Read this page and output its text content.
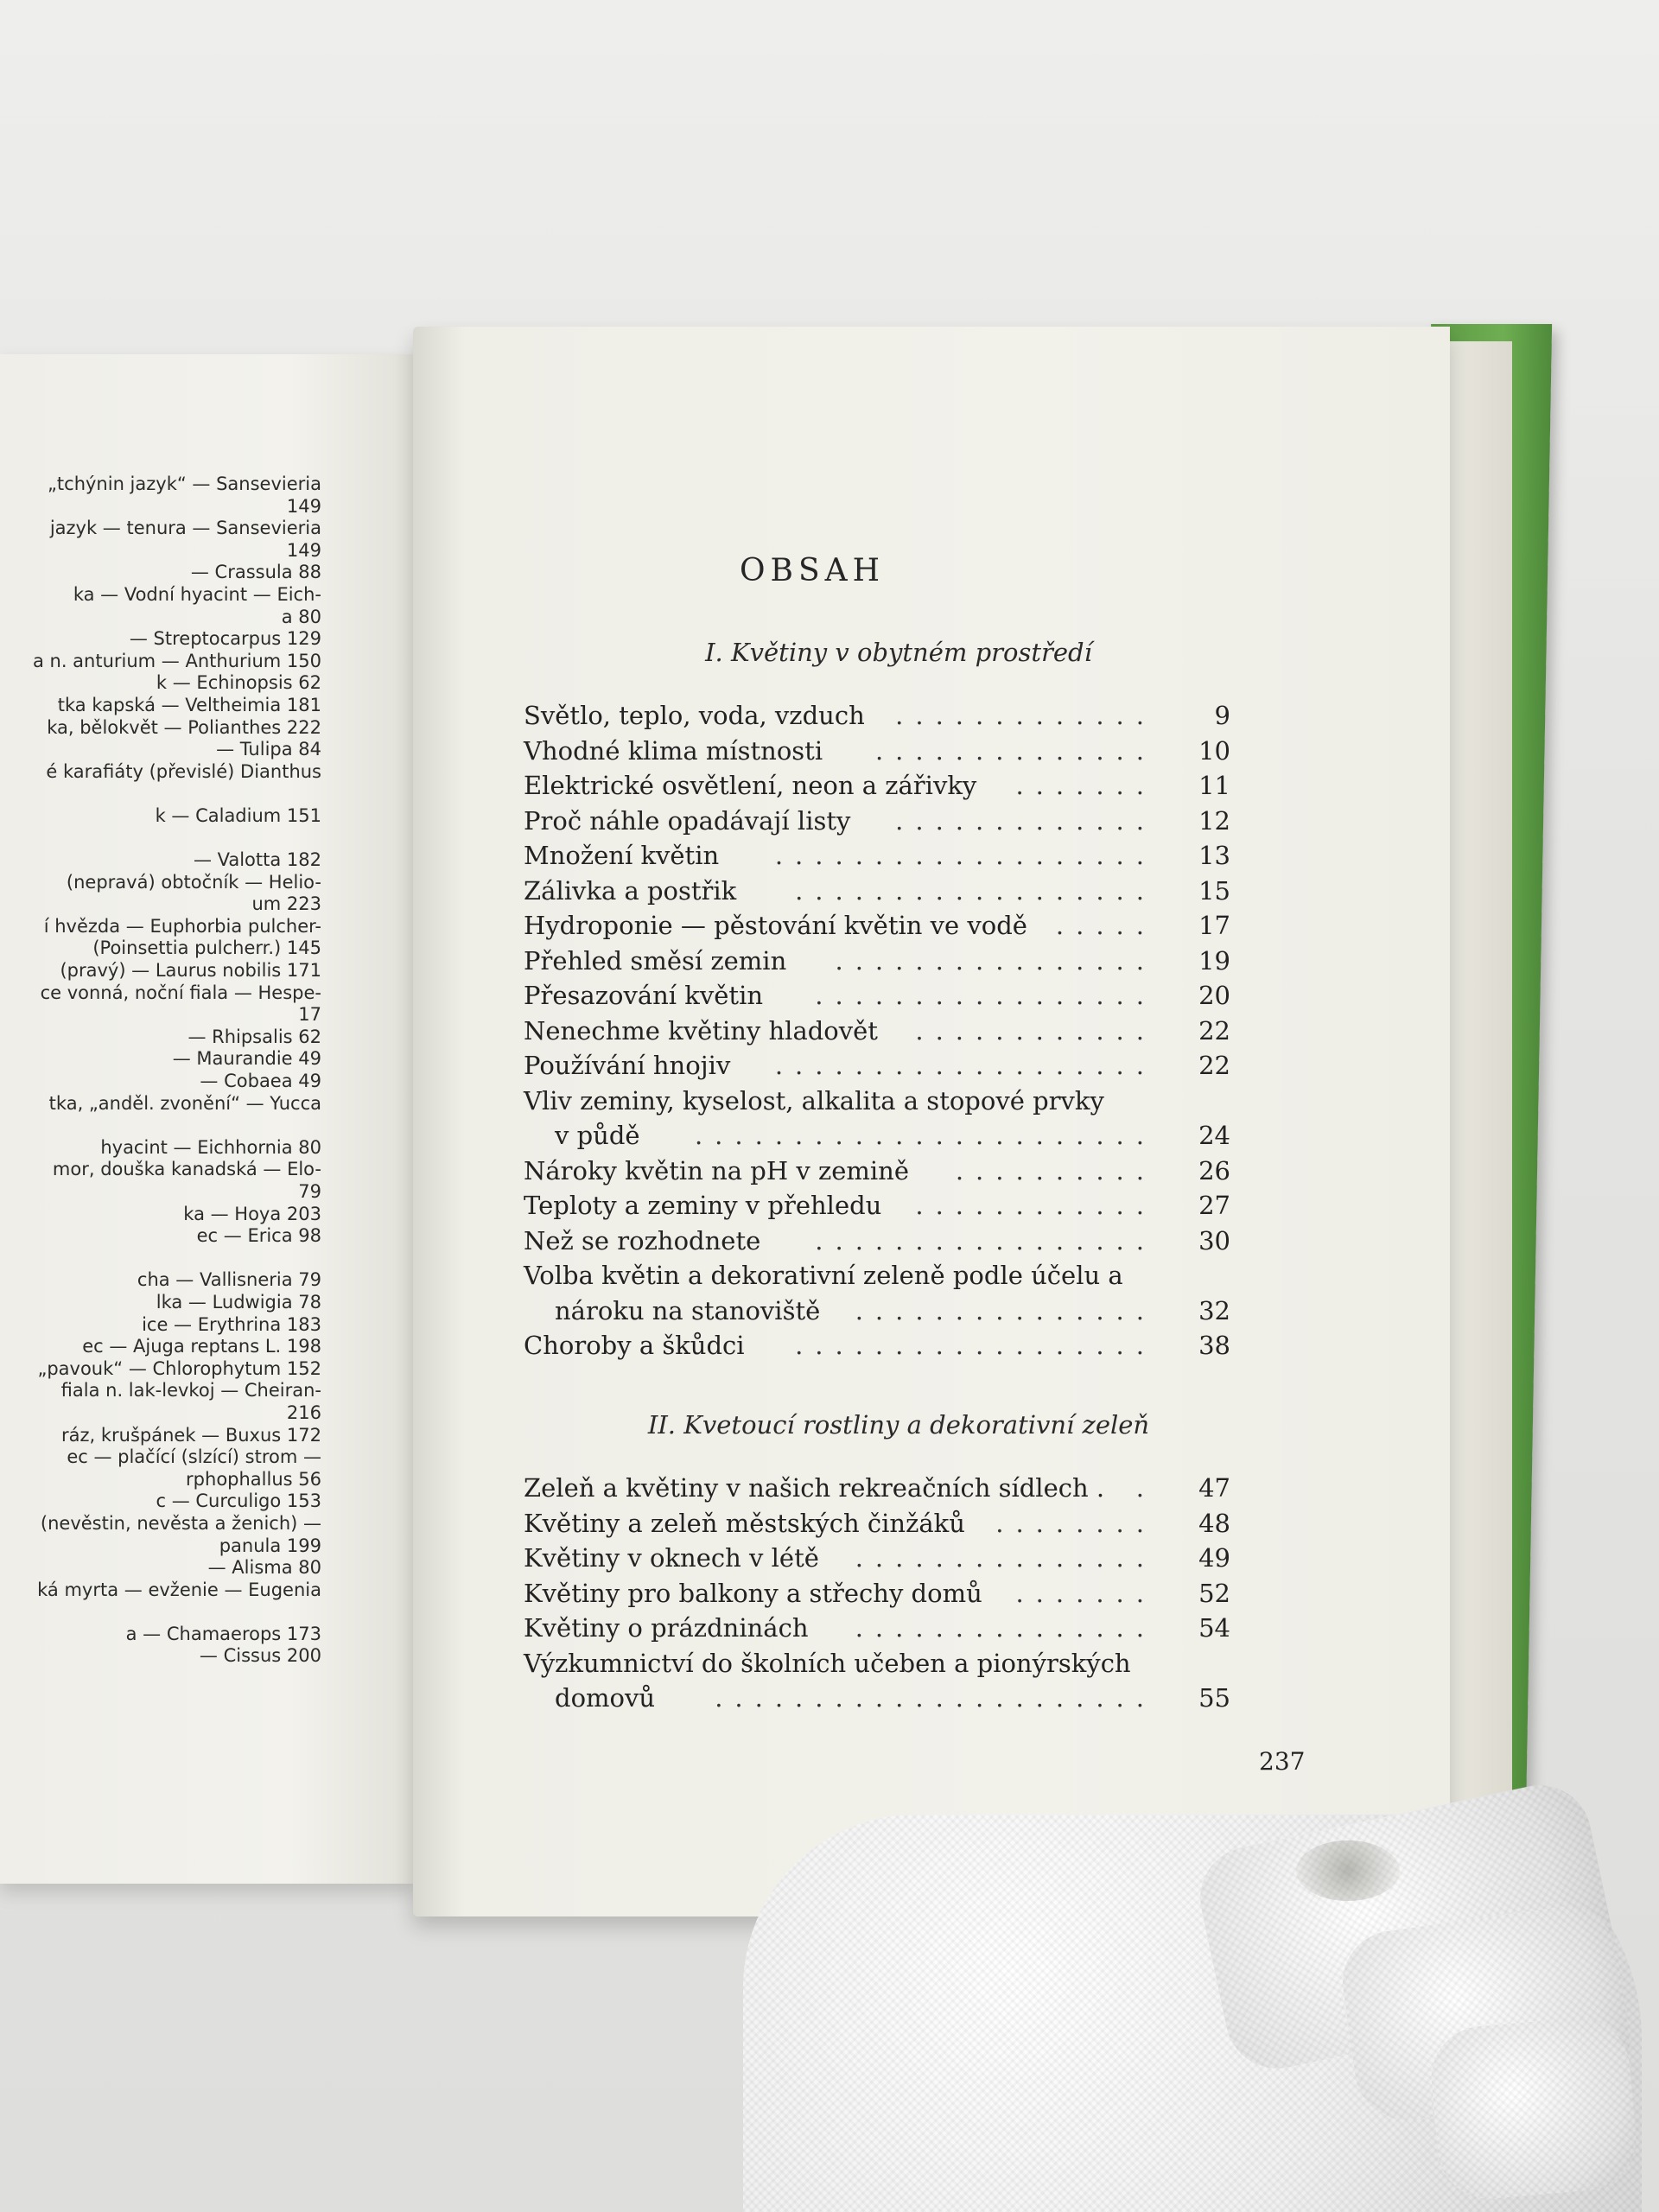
„tchýnin jazyk“ — Sansevieria
149
jazyk — tenura — Sansevieria
149
— Crassula 88
ka — Vodní hyacint — Eich-
a 80
— Streptocarpus 129
a n. anturium — Anthurium 150
k — Echinopsis 62
tka kapská — Veltheimia 181
ka, bělokvět — Polianthes 222
— Tulipa 84
é karafiáty (převislé) Dianthus
k — Caladium 151
— Valotta 182
(nepravá) obtočník — Helio-
um 223
í hvězda — Euphorbia pulcher-
(Poinsettia pulcherr.) 145
(pravý) — Laurus nobilis 171
ce vonná, noční fiala — Hespe-
17
— Rhipsalis 62
— Maurandie 49
— Cobaea 49
tka, „anděl. zvonění“ — Yucca
hyacint — Eichhornia 80
mor, douška kanadská — Elo-
79
ka — Hoya 203
ec — Erica 98
cha — Vallisneria 79
lka — Ludwigia 78
ice — Erythrina 183
ec — Ajuga reptans L. 198
„pavouk“ — Chlorophytum 152
fiala n. lak-levkoj — Cheiran-
216
ráz, krušpánek — Buxus 172
ec — plačící (slzící) strom —
rphophallus 56
c — Curculigo 153
(nevěstin, nevěsta a ženich) —
panula 199
— Alisma 80
ká myrta — evženie — Eugenia
a — Chamaerops 173
— Cissus 200
OBSAH
I. Květiny v obytném prostředí
Světlo, teplo, voda, vzduch	9
.............
Vhodné klima místnosti	10
..............
Elektrické osvětlení, neon a zářivky	11
.......
Proč náhle opadávají listy	12
.............
Množení květin	13
...................
Zálivka a postřik	15
..................
Hydroponie — pěstování květin ve vodě	17
.....
Přehled směsí zemin	19
................
Přesazování květin	20
.................
Nenechme květiny hladovět	22
............
Používání hnojiv	22
...................
Vliv zeminy, kyselost, alkalita a stopové prvky
v půdě	24
.......................
Nároky květin na pH v zemině	26
..........
Teploty a zeminy v přehledu	27
............
Než se rozhodnete	30
.................
Volba květin a dekorativní zeleně podle účelu a
nároku na stanoviště	32
...............
Choroby a škůdci	38
..................
II. Kvetoucí rostliny a dekorativní zeleň
Zeleň a květiny v našich rekreačních sídlech .	47
.
Květiny a zeleň městských činžáků	48
........
Květiny v oknech v létě	49
...............
Květiny pro balkony a střechy domů	52
.......
Květiny o prázdninách	54
...............
Výzkumnictví do školních učeben a pionýrských
domovů	55
......................
237
